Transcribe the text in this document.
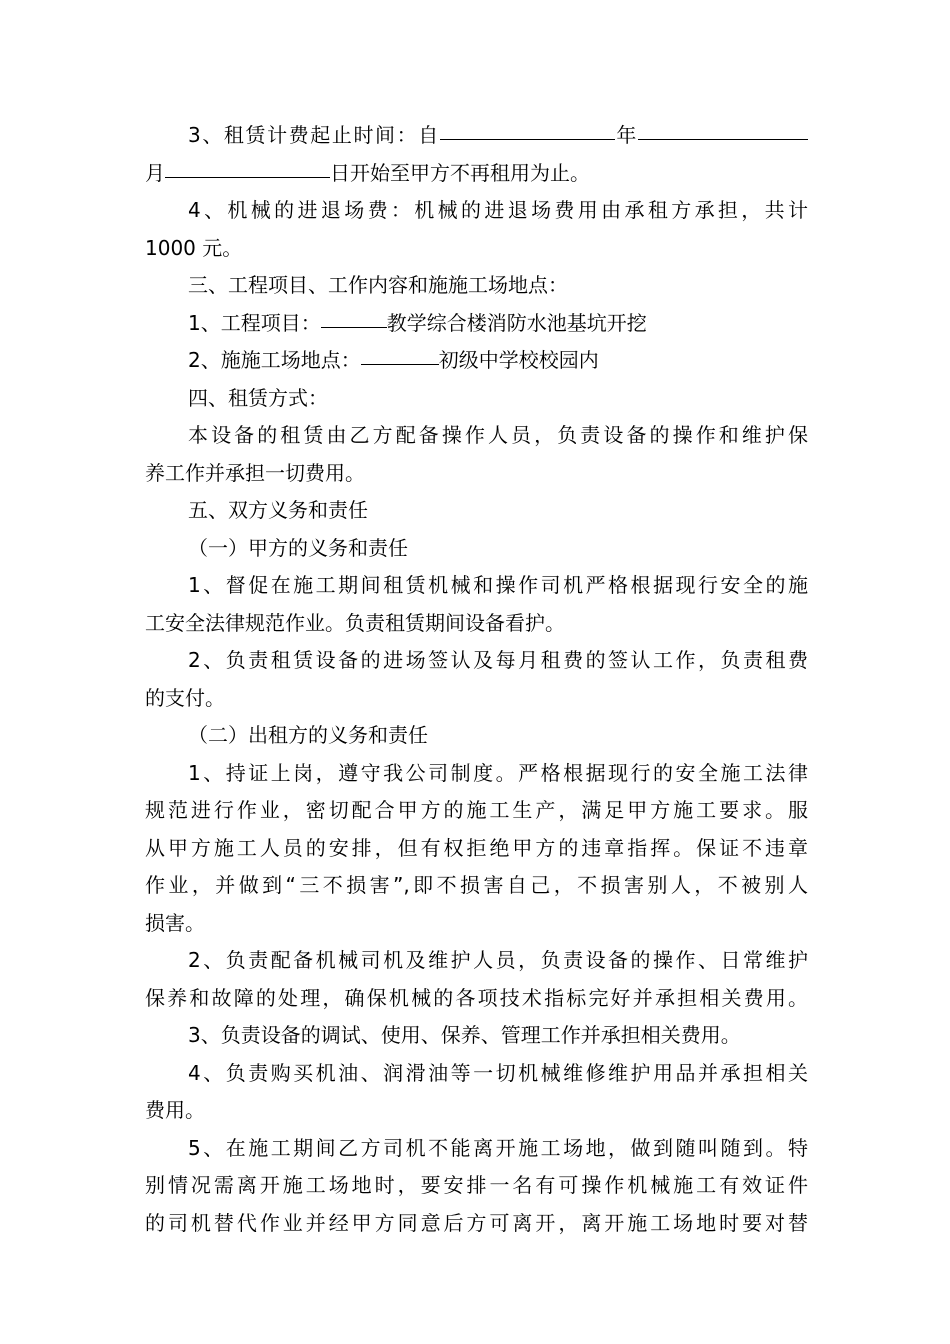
3、租赁计费起止时间：自	年

月	日开始至甲方不再租用为止。

4、机械的进退场费：机械的进退场费用由承租方承担，共计

1000 元。

三、工程项目、工作内容和施施工场地点：

1、工程项目：	教学综合楼消防水池基坑开挖

2、施施工场地点：	初级中学校校园内

四、租赁方式：

本设备的租赁由乙方配备操作人员，负责设备的操作和维护保

养工作并承担一切费用。

五、双方义务和责任

（一）甲方的义务和责任

1、督促在施工期间租赁机械和操作司机严格根据现行安全的施

工安全法律规范作业。负责租赁期间设备看护。

2、负责租赁设备的进场签认及每月租费的签认工作，负责租费

的支付。

（二）出租方的义务和责任

1、持证上岗，遵守我公司制度。严格根据现行的安全施工法律

规范进行作业，密切配合甲方的施工生产，满足甲方施工要求。服

从甲方施工人员的安排，但有权拒绝甲方的违章指挥。保证不违章

作业，并做到“三不损害”,即不损害自己，不损害别人，不被别人

损害。

2、负责配备机械司机及维护人员，负责设备的操作、日常维护

保养和故障的处理，确保机械的各项技术指标完好并承担相关费用。

3、负责设备的调试、使用、保养、管理工作并承担相关费用。

4、负责购买机油、润滑油等一切机械维修维护用品并承担相关

费用。

5、在施工期间乙方司机不能离开施工场地，做到随叫随到。特

别情况需离开施工场地时，要安排一名有可操作机械施工有效证件

的司机替代作业并经甲方同意后方可离开，离开施工场地时要对替
